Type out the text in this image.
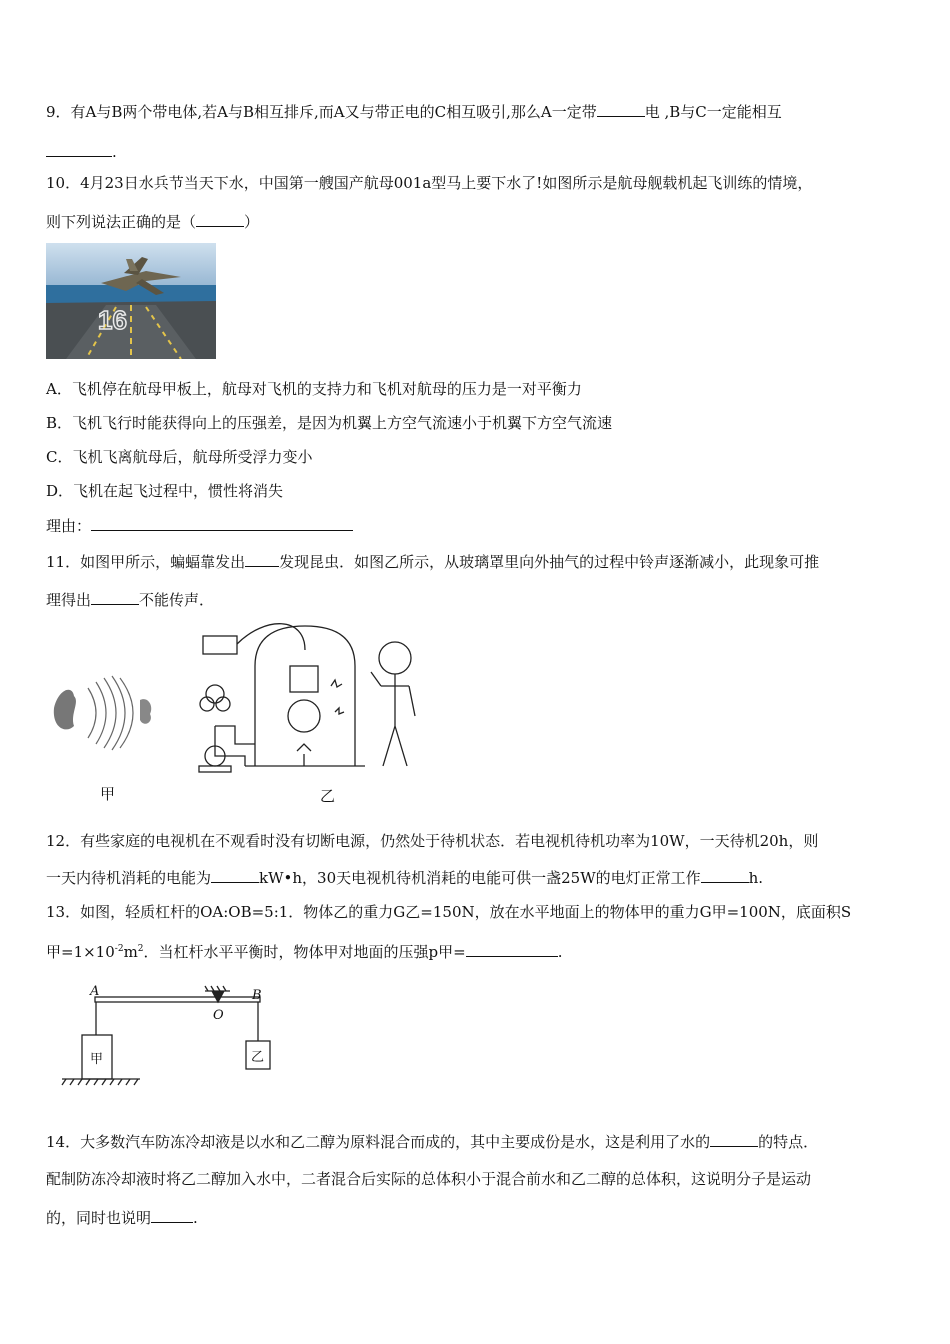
9．有A与B两个带电体,若A与B相互排斥,而A又与带正电的C相互吸引,那么A一定带	电 ,B与C一定能相互
.
10．4月23日水兵节当天下水，中国第一艘国产航母001a型马上要下水了!如图所示是航母舰载机起飞训练的情境，
则下列说法正确的是（	）
16
A．飞机停在航母甲板上，航母对飞机的支持力和飞机对航母的压力是一对平衡力
B．飞机飞行时能获得向上的压强差，是因为机翼上方空气流速小于机翼下方空气流速
C．飞机飞离航母后，航母所受浮力变小
D．飞机在起飞过程中，惯性将消失
理由：
11．如图甲所示，蝙蝠靠发出 发现昆虫．如图乙所示，从玻璃罩里向外抽气的过程中铃声逐渐减小，此现象可推
理得出	不能传声．
甲	乙
12．有些家庭的电视机在不观看时没有切断电源，仍然处于待机状态．若电视机待机功率为10W，一天待机20h，则
一天内待机消耗的电能为	kW•h，30天电视机待机消耗的电能可供一盏25W的电灯正常工作	h.
13．如图，轻质杠杆的OA:OB=5:1．物体乙的重力G乙=150N，放在水平地面上的物体甲的重力G甲=100N，底面积S
甲$=1\times 10^{-2}m^2$．当杠杆水平平衡时，物体甲对地面的压强p甲=	.
A	B
O
甲	乙
14．大多数汽车防冻冷却液是以水和乙二醇为原料混合而成的，其中主要成份是水，这是利用了水的	的特点．
配制防冻冷却液时将乙二醇加入水中，二者混合后实际的总体积小于混合前水和乙二醇的总体积，这说明分子是运动
的，同时也说明	.
